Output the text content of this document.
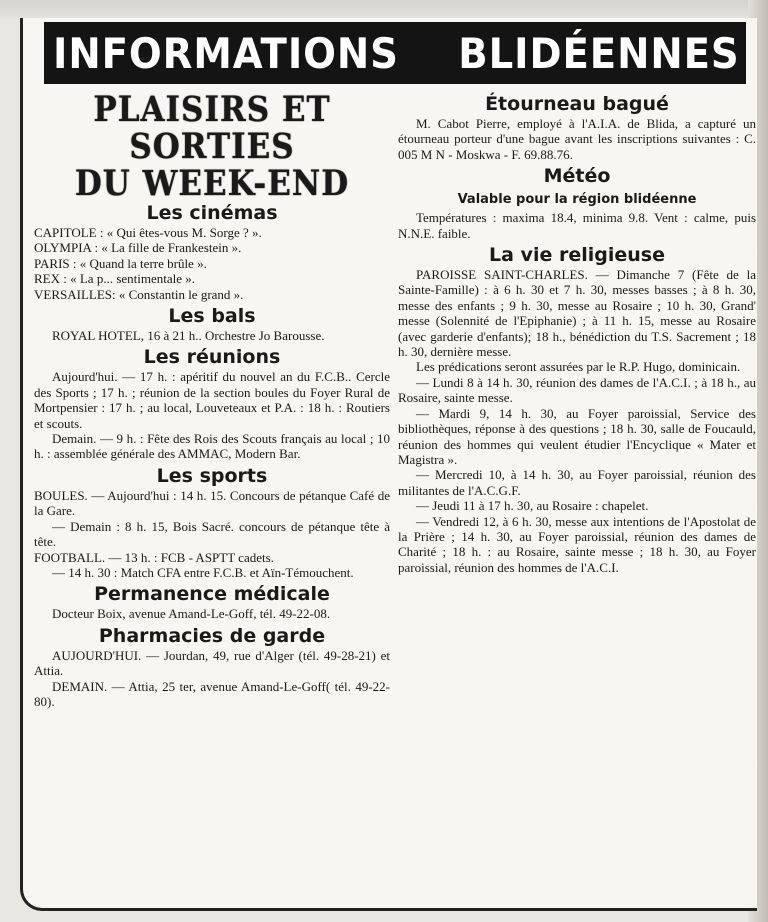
INFORMATIONS BLIDÉENNES
PLAISIRS ET SORTIES
DU WEEK-END
Les cinémas

CAPITOLE : « Qui êtes-vous M. Sorge ? ».

OLYMPIA : « La fille de Frankestein ».

PARIS : « Quand la terre brûle ».

REX : « La p... sentimentale ».

VERSAILLES: « Constantin le grand ».

Les bals

ROYAL HOTEL, 16 à 21 h.. Orchestre Jo Barousse.

Les réunions

Aujourd'hui. — 17 h. : apéritif du nouvel an du F.C.B.. Cercle des Sports ; 17 h. ; réunion de la section boules du Foyer Rural de Mortpensier : 17 h. ; au local, Louveteaux et P.A. : 18 h. : Routiers et scouts.

Demain. — 9 h. : Fête des Rois des Scouts français au local ; 10 h. : assemblée générale des AMMAC, Modern Bar.

Les sports

BOULES. — Aujourd'hui : 14 h. 15. Concours de pétanque Café de la Gare.

— Demain : 8 h. 15, Bois Sacré. concours de pétanque tête à tête.

FOOTBALL. — 13 h. : FCB - ASPTT cadets.

— 14 h. 30 : Match CFA entre F.C.B. et Aïn-Témouchent.

Permanence médicale

Docteur Boix, avenue Amand-Le-Goff, tél. 49-22-08.

Pharmacies de garde

AUJOURD'HUI. — Jourdan, 49, rue d'Alger (tél. 49-28-21) et Attia.

DEMAIN. — Attia, 25 ter, avenue Amand-Le-Goff( tél. 49-22-80).

Étourneau bagué

M. Cabot Pierre, employé à l'A.I.A. de Blida, a capturé un étourneau porteur d'une bague avant les inscriptions suivantes : C. 005 M N - Moskwa - F. 69.88.76.

Météo
Valable pour la région blidéenne

Températures : maxima 18.4, minima 9.8. Vent : calme, puis N.N.E. faible.

La vie religieuse

PAROISSE SAINT-CHARLES. — Dimanche 7 (Fête de la Sainte-Famille) : à 6 h. 30 et 7 h. 30, messes basses ; à 8 h. 30, messe des enfants ; 9 h. 30, messe au Rosaire ; 10 h. 30, Grand' messe (Solennité de l'Epiphanie) ; à 11 h. 15, messe au Rosaire (avec garderie d'enfants); 18 h., bénédiction du T.S. Sacrement ; 18 h. 30, dernière messe.

Les prédications seront assurées par le R.P. Hugo, dominicain.

— Lundi 8 à 14 h. 30, réunion des dames de l'A.C.I. ; à 18 h., au Rosaire, sainte messe.

— Mardi 9, 14 h. 30, au Foyer paroissial, Service des bibliothèques, réponse à des questions ; 18 h. 30, salle de Foucauld, réunion des hommes qui veulent étudier l'Encyclique « Mater et Magistra ».

— Mercredi 10, à 14 h. 30, au Foyer paroissial, réunion des militantes de l'A.C.G.F.

— Jeudi 11 à 17 h. 30, au Rosaire : chapelet.

— Vendredi 12, à 6 h. 30, messe aux intentions de l'Apostolat de la Prière ; 14 h. 30, au Foyer paroissial, réunion des dames de Charité ; 18 h. : au Rosaire, sainte messe ; 18 h. 30, au Foyer paroissial, réunion des hommes de l'A.C.I.
